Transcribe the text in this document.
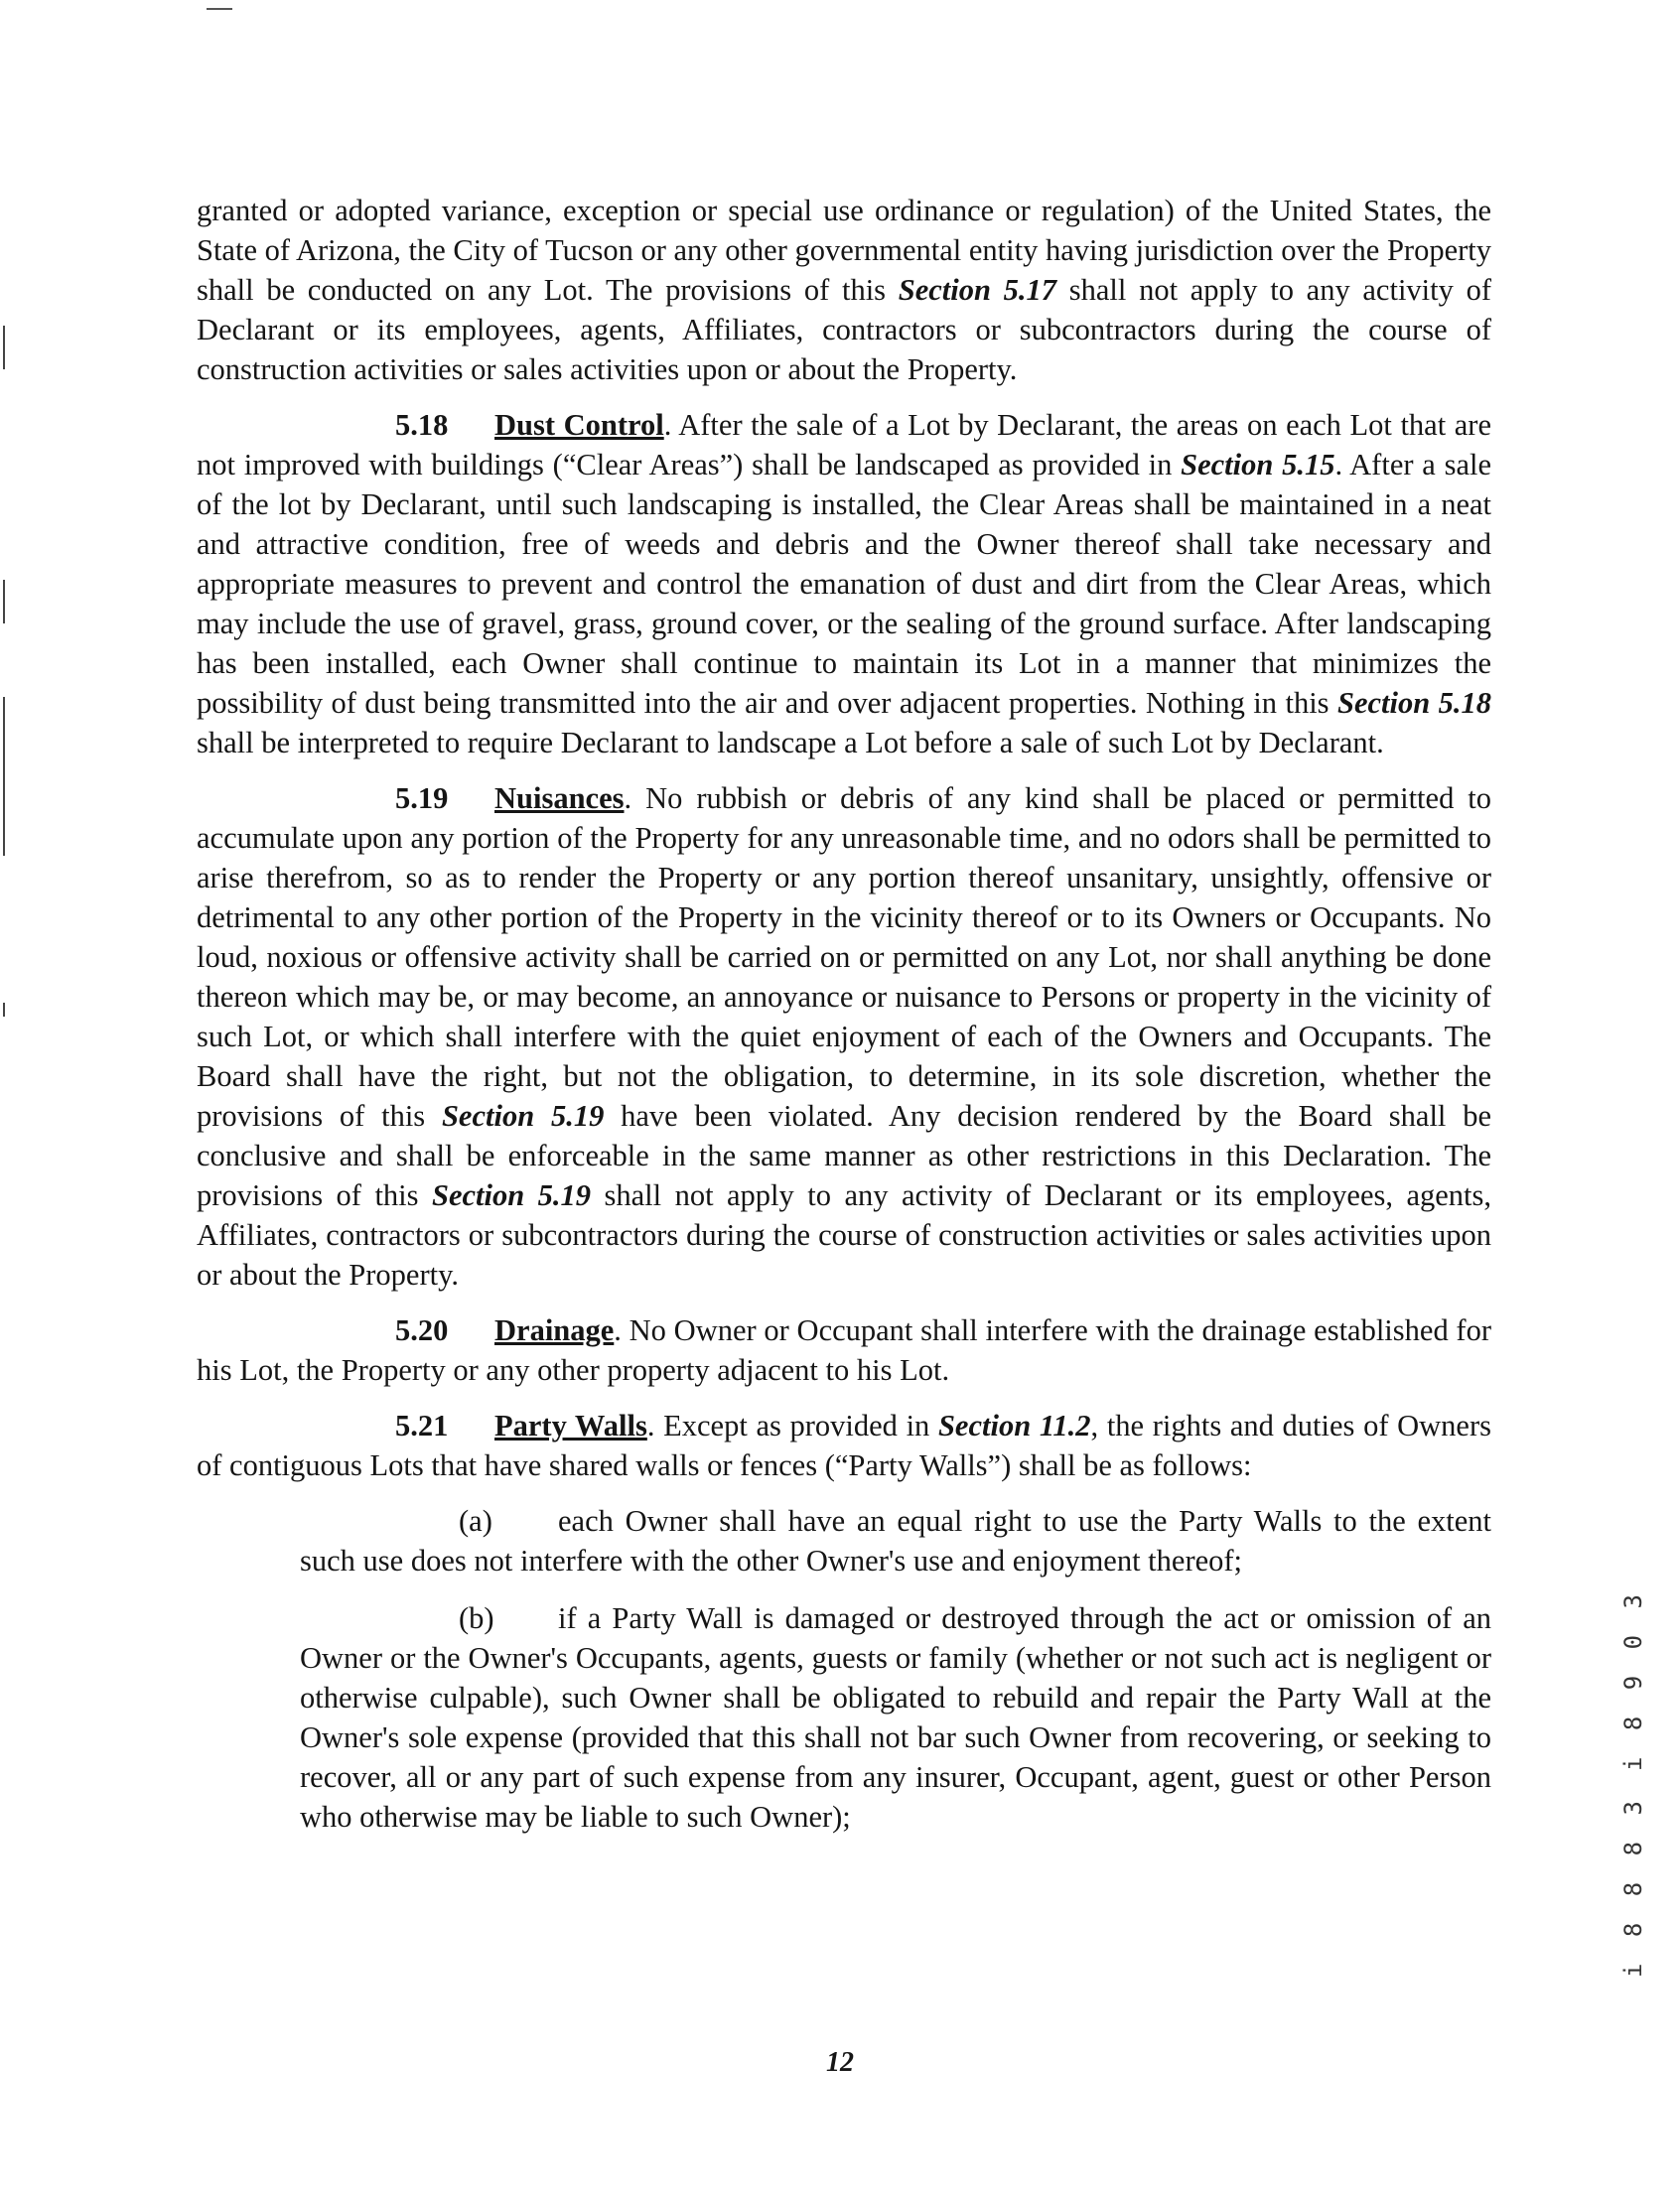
granted or adopted variance, exception or special use ordinance or regulation) of the United States, the State of Arizona, the City of Tucson or any other governmental entity having jurisdiction over the Property shall be conducted on any Lot. The provisions of this Section 5.17 shall not apply to any activity of Declarant or its employees, agents, Affiliates, contractors or subcontractors during the course of construction activities or sales activities upon or about the Property.

5.18 Dust Control. After the sale of a Lot by Declarant, the areas on each Lot that are not improved with buildings (“Clear Areas”) shall be landscaped as provided in Section 5.15. After a sale of the lot by Declarant, until such landscaping is installed, the Clear Areas shall be maintained in a neat and attractive condition, free of weeds and debris and the Owner thereof shall take necessary and appropriate measures to prevent and control the emanation of dust and dirt from the Clear Areas, which may include the use of gravel, grass, ground cover, or the sealing of the ground surface. After landscaping has been installed, each Owner shall continue to maintain its Lot in a manner that minimizes the possibility of dust being transmitted into the air and over adjacent properties. Nothing in this Section 5.18 shall be interpreted to require Declarant to landscape a Lot before a sale of such Lot by Declarant.

5.19 Nuisances. No rubbish or debris of any kind shall be placed or permitted to accumulate upon any portion of the Property for any unreasonable time, and no odors shall be permitted to arise therefrom, so as to render the Property or any portion thereof unsanitary, unsightly, offensive or detrimental to any other portion of the Property in the vicinity thereof or to its Owners or Occupants. No loud, noxious or offensive activity shall be carried on or permitted on any Lot, nor shall anything be done thereon which may be, or may become, an annoyance or nuisance to Persons or property in the vicinity of such Lot, or which shall interfere with the quiet enjoyment of each of the Owners and Occupants. The Board shall have the right, but not the obligation, to determine, in its sole discretion, whether the provisions of this Section 5.19 have been violated. Any decision rendered by the Board shall be conclusive and shall be enforceable in the same manner as other restrictions in this Declaration. The provisions of this Section 5.19 shall not apply to any activity of Declarant or its employees, agents, Affiliates, contractors or subcontractors during the course of construction activities or sales activities upon or about the Property.

5.20 Drainage. No Owner or Occupant shall interfere with the drainage established for his Lot, the Property or any other property adjacent to his Lot.

5.21 Party Walls. Except as provided in Section 11.2, the rights and duties of Owners of contiguous Lots that have shared walls or fences (“Party Walls”) shall be as follows:

(a) each Owner shall have an equal right to use the Party Walls to the extent such use does not interfere with the other Owner's use and enjoyment thereof;

(b) if a Party Wall is damaged or destroyed through the act or omission of an Owner or the Owner's Occupants, agents, guests or family (whether or not such act is negligent or otherwise culpable), such Owner shall be obligated to rebuild and repair the Party Wall at the Owner's sole expense (provided that this shall not bar such Owner from recovering, or seeking to recover, all or any part of such expense from any insurer, Occupant, agent, guest or other Person who otherwise may be liable to such Owner);

i 8 9 0 3
i 8 8 8 3
12
